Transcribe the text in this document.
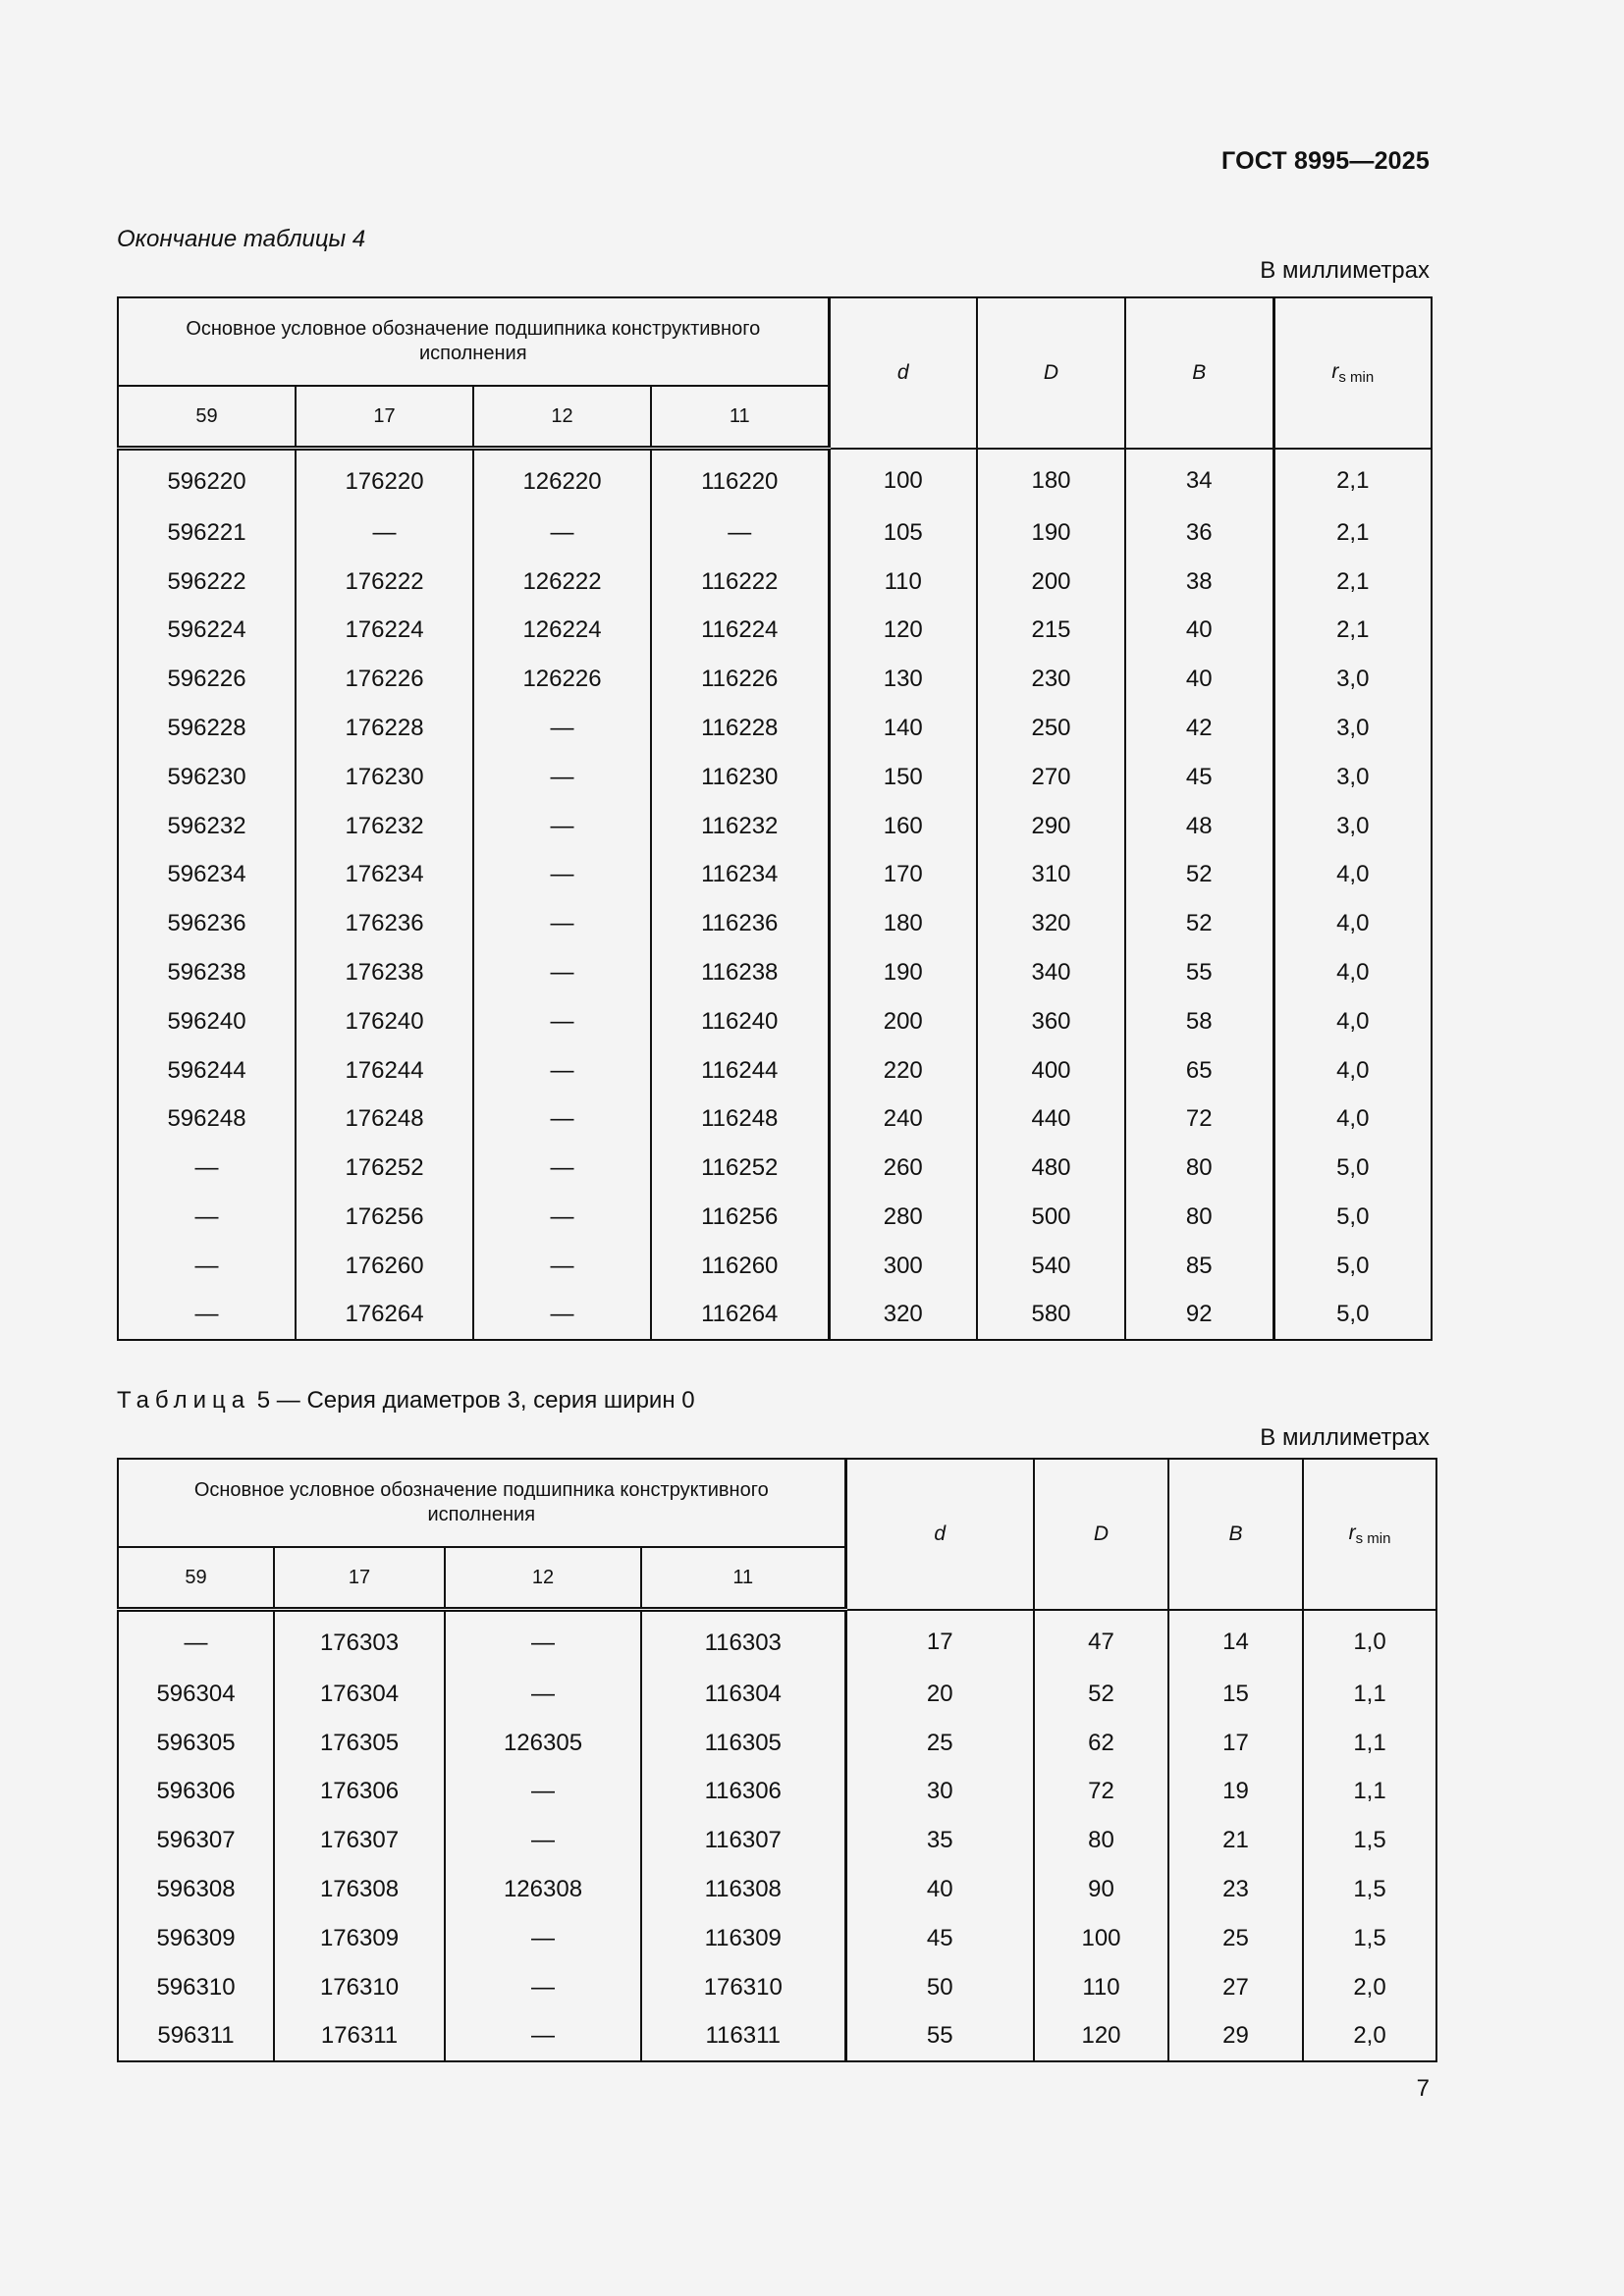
ГОСТ 8995—2025
Окончание таблицы 4
В миллиметрах
Основное условное обозначение подшипника конструктивного исполнения				d	D	B	$r_{s min}$
59	17	12	11				
596220	176220	126220	116220	100	180	34	2,1
596221	—	—	—	105	190	36	2,1
596222	176222	126222	116222	110	200	38	2,1
596224	176224	126224	116224	120	215	40	2,1
596226	176226	126226	116226	130	230	40	3,0
596228	176228	—	116228	140	250	42	3,0
596230	176230	—	116230	150	270	45	3,0
596232	176232	—	116232	160	290	48	3,0
596234	176234	—	116234	170	310	52	4,0
596236	176236	—	116236	180	320	52	4,0
596238	176238	—	116238	190	340	55	4,0
596240	176240	—	116240	200	360	58	4,0
596244	176244	—	116244	220	400	65	4,0
596248	176248	—	116248	240	440	72	4,0
—	176252	—	116252	260	480	80	5,0
—	176256	—	116256	280	500	80	5,0
—	176260	—	116260	300	540	85	5,0
—	176264	—	116264	320	580	92	5,0
Таблица 5 — Серия диаметров 3, серия ширин 0
В миллиметрах
Основное условное обозначение подшипника конструктивного исполнения				d	D	B	$r_{s min}$
59	17	12	11				
—	176303	—	116303	17	47	14	1,0
596304	176304	—	116304	20	52	15	1,1
596305	176305	126305	116305	25	62	17	1,1
596306	176306	—	116306	30	72	19	1,1
596307	176307	—	116307	35	80	21	1,5
596308	176308	126308	116308	40	90	23	1,5
596309	176309	—	116309	45	100	25	1,5
596310	176310	—	176310	50	110	27	2,0
596311	176311	—	116311	55	120	29	2,0
7
